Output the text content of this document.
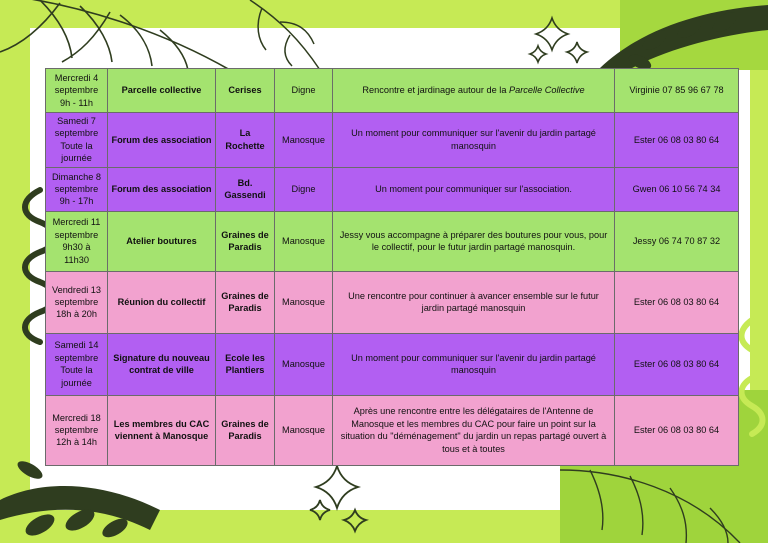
Mercredi 4 septembre 9h - 11h	Parcelle collective	Cerises	Digne	Rencontre et jardinage autour de la Parcelle Collective	Virginie 07 85 96 67 78
Samedi 7 septembre Toute la journée	Forum des association	La Rochette	Manosque	Un moment pour communiquer sur l'avenir du jardin partagé manosquin	Ester 06 08 03 80 64
Dimanche 8 septembre 9h - 17h	Forum des association	Bd. Gassendi	Digne	Un moment pour communiquer sur l'association.	Gwen 06 10 56 74 34
Mercredi 11 septembre 9h30 à 11h30	Atelier boutures	Graines de Paradis	Manosque	Jessy vous accompagne à préparer des boutures pour vous, pour le collectif, pour le futur jardin partagé manosquin.	Jessy 06 74 70 87 32
Vendredi 13 septembre 18h à 20h	Réunion du collectif	Graines de Paradis	Manosque	Une rencontre pour continuer à avancer ensemble sur le futur jardin partagé manosquin	Ester 06 08 03 80 64
Samedi 14 septembre Toute la journée	Signature du nouveau contrat de ville	Ecole les Plantiers	Manosque	Un moment pour communiquer sur l'avenir du jardin partagé manosquin	Ester 06 08 03 80 64
Mercredi 18 septembre 12h à 14h	Les membres du CAC viennent à Manosque	Graines de Paradis	Manosque	Après une rencontre entre les délégataires de l'Antenne de Manosque et les membres du CAC pour faire un point sur la situation du "déménagement" du jardin un repas partagé ouvert à tous et à toutes	Ester 06 08 03 80 64
